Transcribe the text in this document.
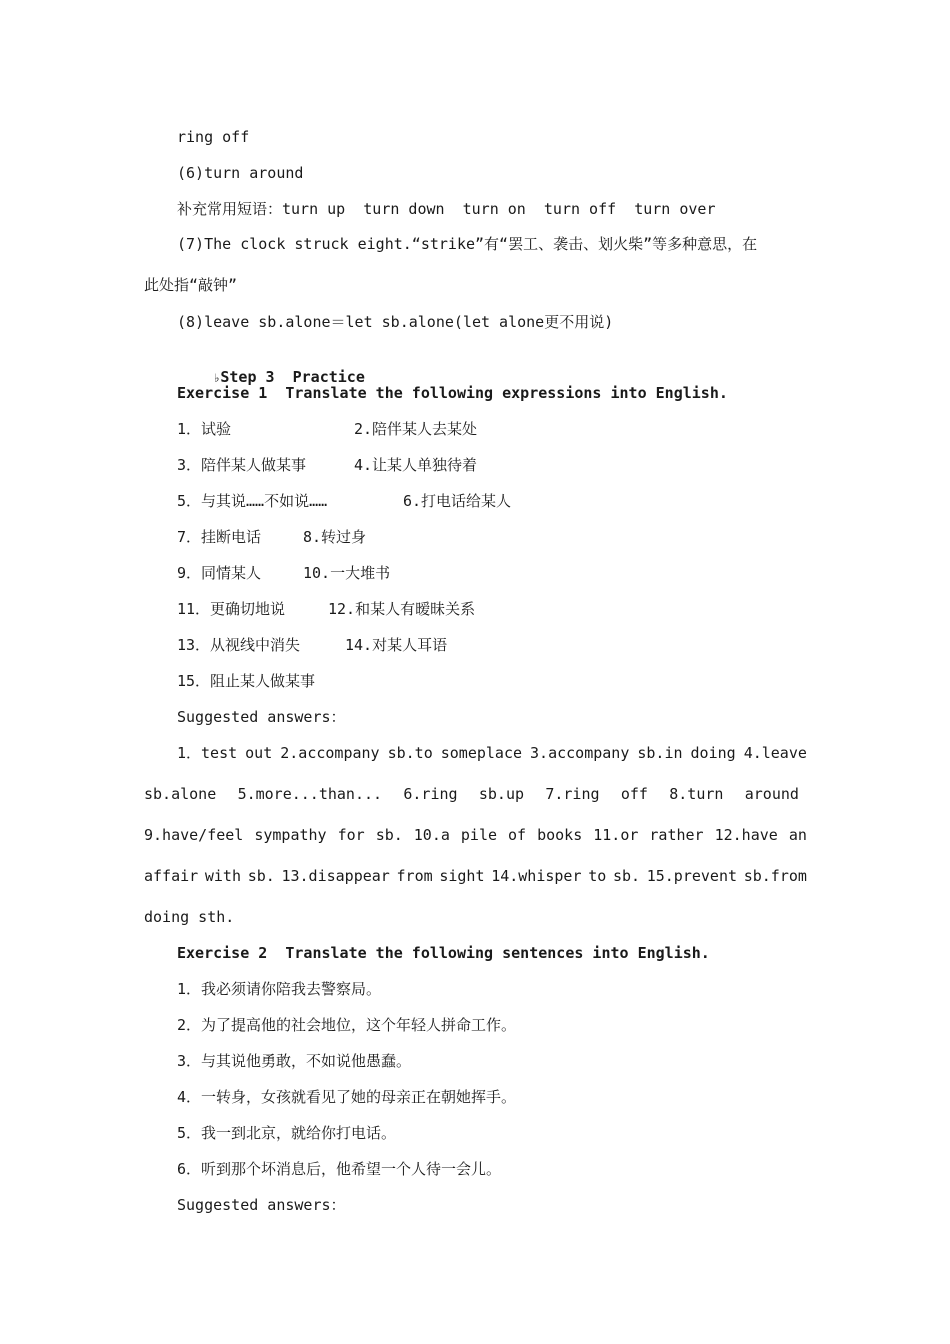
ring off
(6)turn around
补充常用短语：turn up  turn down  turn on  turn off  turn over
(7)The clock struck eight.“strike”有“罢工、袭击、划火柴”等多种意思，在
此处指“敲钟”
(8)leave sb.alone＝let sb.alone(let alone更不用说)

♭Step 3  Practice

Exercise 1  Translate the following expressions into English.
1．试验	2.陪伴某人去某处
3．陪伴某人做某事	4.让某人单独待着
5．与其说……不如说……	6.打电话给某人
7．挂断电话	8.转过身
9．同情某人	10.一大堆书
11．更确切地说	12.和某人有暧昧关系
13．从视线中消失	14.对某人耳语
15．阻止某人做某事
Suggested answers：
1．test out 2.accompany sb.to someplace 3.accompany sb.in doing 4.leave
sb.alone 5.more...than... 6.ring sb.up 7.ring off 8.turn around
9.have/feel sympathy for sb. 10.a pile of books 11.or rather 12.have an
affair with sb. 13.disappear from sight 14.whisper to sb. 15.prevent sb.from
doing sth.
Exercise 2  Translate the following sentences into English.
1．我必须请你陪我去警察局。
2．为了提高他的社会地位，这个年轻人拼命工作。
3．与其说他勇敢，不如说他愚蠢。
4．一转身，女孩就看见了她的母亲正在朝她挥手。
5．我一到北京，就给你打电话。
6．听到那个坏消息后，他希望一个人待一会儿。
Suggested answers：
